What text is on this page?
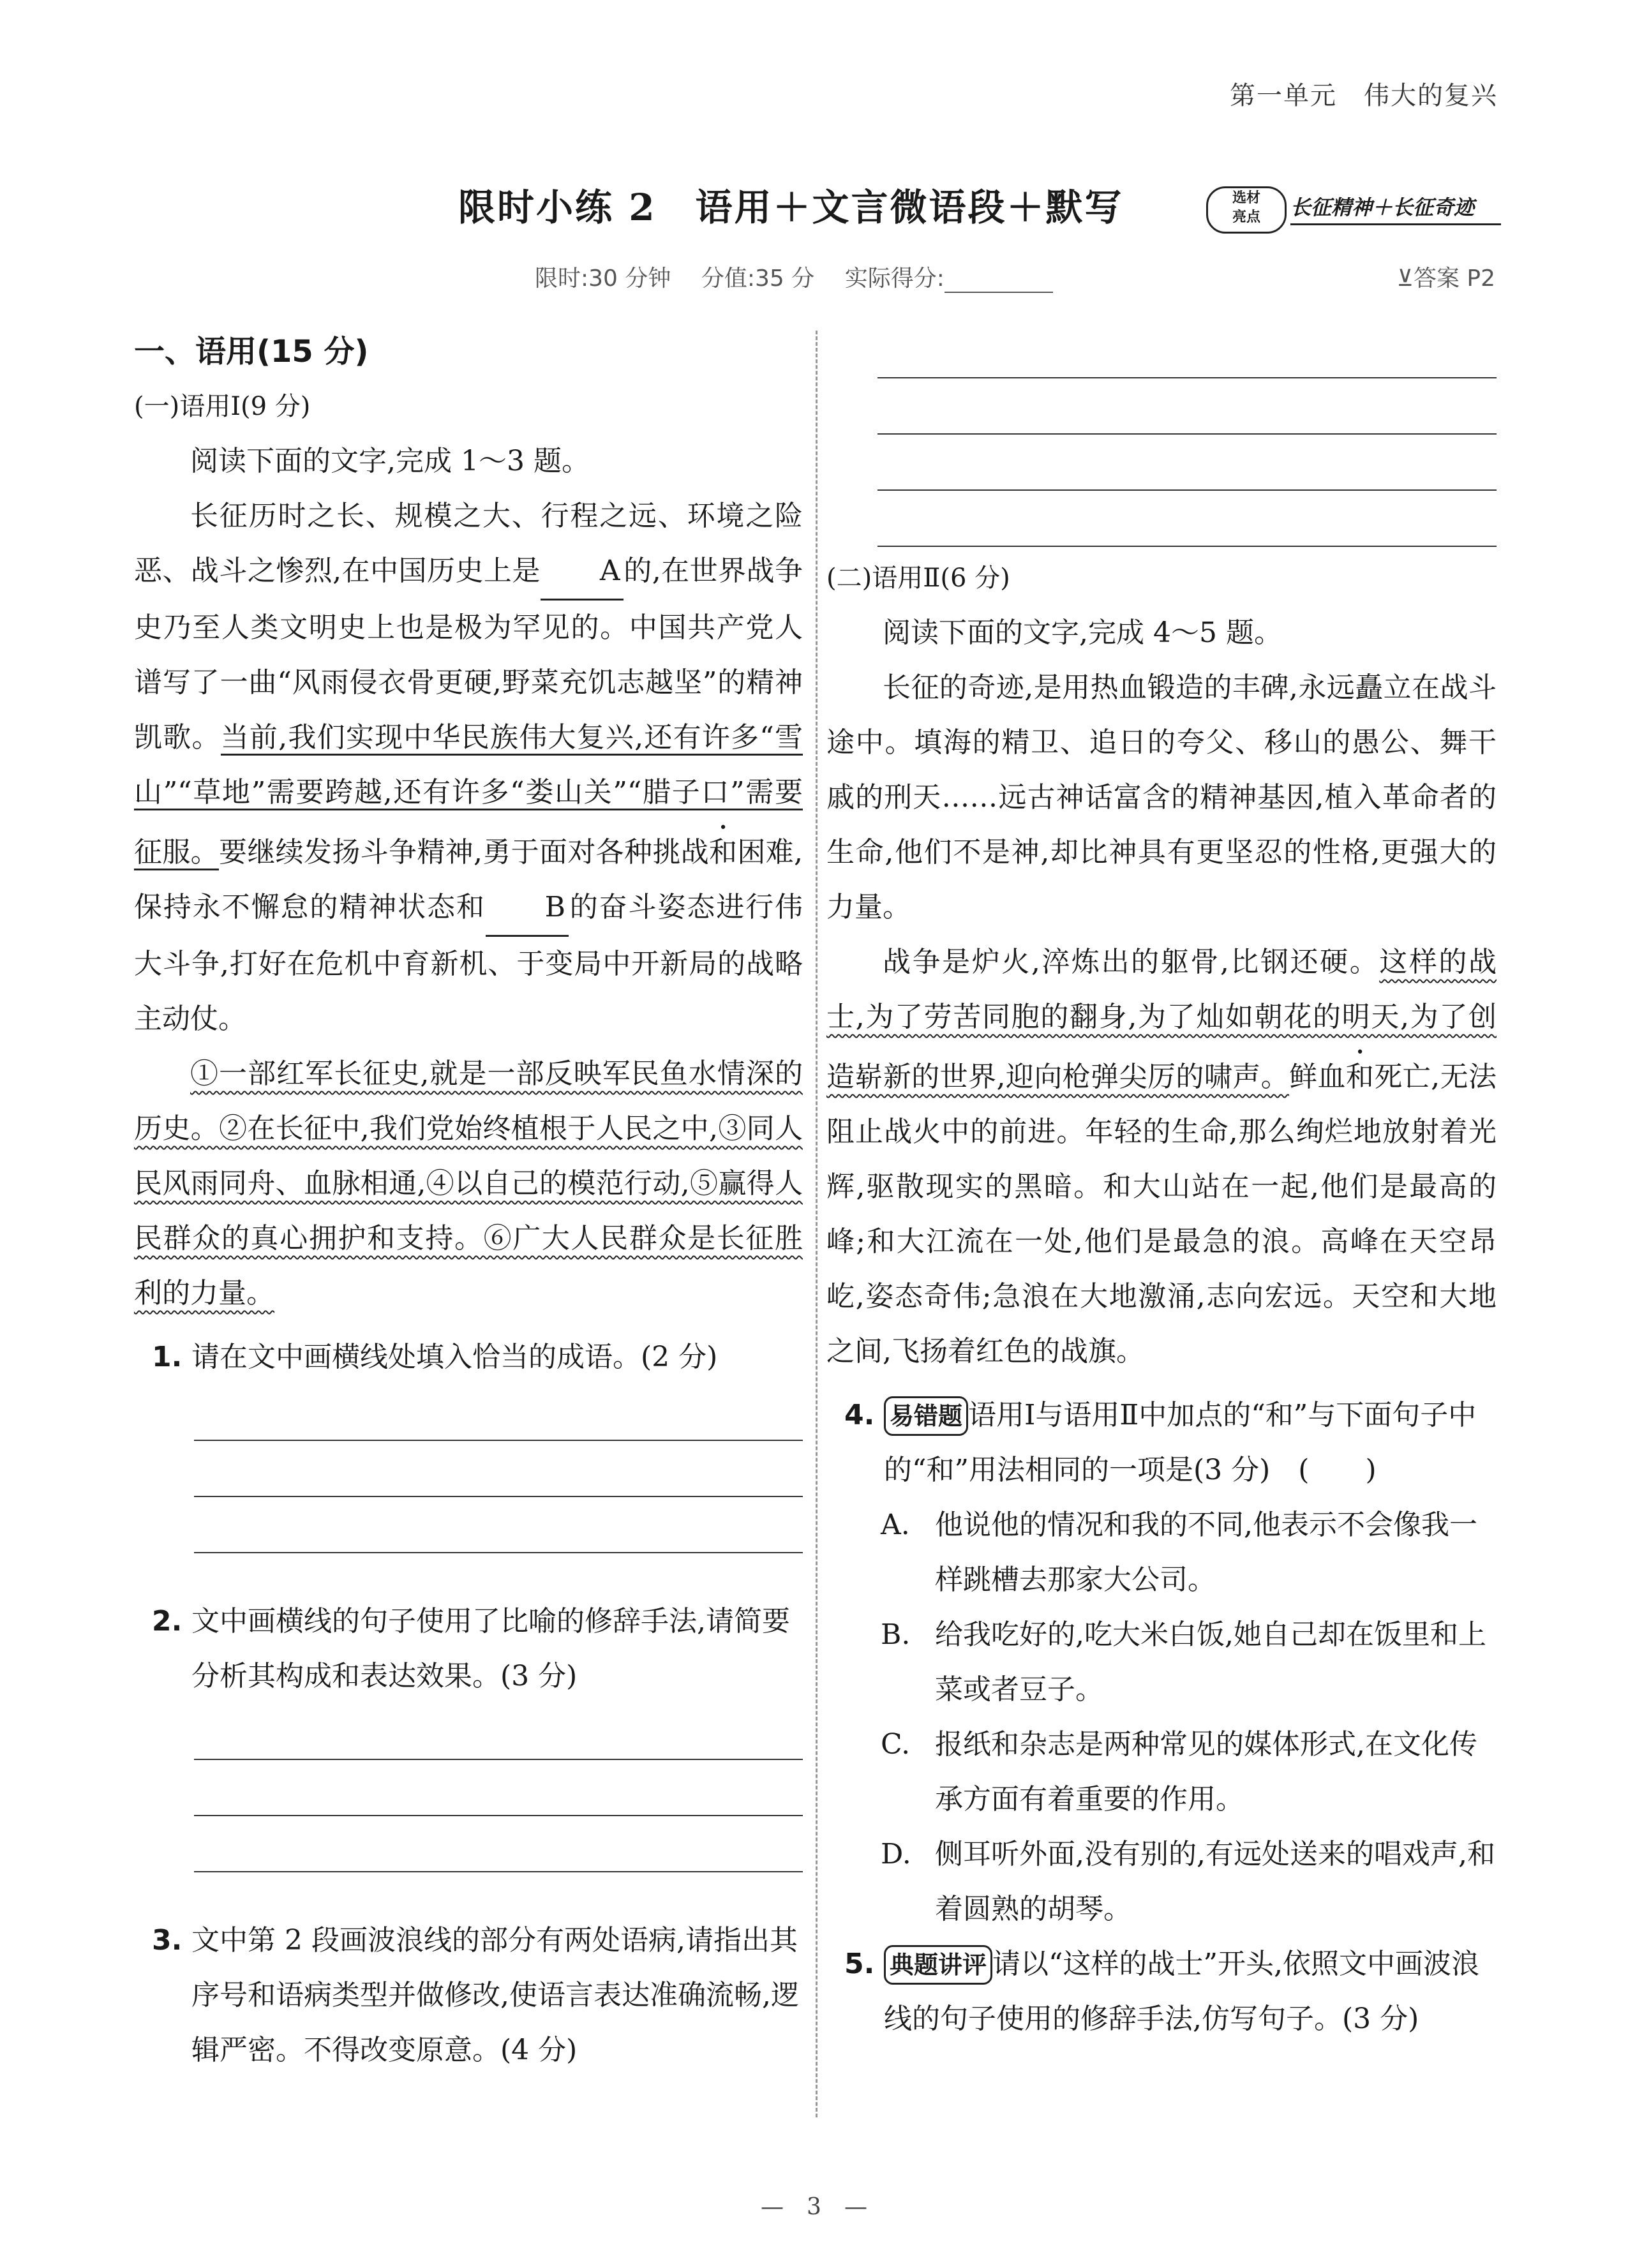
第一单元　伟大的复兴
限时小练 2　语用＋文言微语段＋默写	选材
亮点	长征精神＋长征奇迹
限时:30 分钟　 分值:35 分　 实际得分:	⊻答案 P2
一、语用(15 分)
(一)语用Ⅰ(9 分)
阅读下面的文字,完成 1～3 题。
长征历时之长、规模之大、行程之远、环境之险恶、战斗之惨烈,在中国历史上是 A 的,在世界战争史乃至人类文明史上也是极为罕见的。中国共产党人谱写了一曲“风雨侵衣骨更硬,野菜充饥志越坚”的精神凯歌。当前,我们实现中华民族伟大复兴,还有许多“雪山”“草地”需要跨越,还有许多“娄山关”“腊子口”需要征服。要继续发扬斗争精神,勇于面对各种挑战和困难,保持永不懈怠的精神状态和 B 的奋斗姿态进行伟大斗争,打好在危机中育新机、于变局中开新局的战略主动仗。
①一部红军长征史,就是一部反映军民鱼水情深的历史。②在长征中,我们党始终植根于人民之中,③同人民风雨同舟、血脉相通,④以自己的模范行动,⑤赢得人民群众的真心拥护和支持。⑥广大人民群众是长征胜利的力量。
1. 请在文中画横线处填入恰当的成语。(2 分)
2. 文中画横线的句子使用了比喻的修辞手法,请简要分析其构成和表达效果。(3 分)
3. 文中第 2 段画波浪线的部分有两处语病,请指出其序号和语病类型并做修改,使语言表达准确流畅,逻辑严密。不得改变原意。(4 分)
(二)语用Ⅱ(6 分)
阅读下面的文字,完成 4～5 题。
长征的奇迹,是用热血锻造的丰碑,永远矗立在战斗途中。填海的精卫、追日的夸父、移山的愚公、舞干戚的刑天……远古神话富含的精神基因,植入革命者的生命,他们不是神,却比神具有更坚忍的性格,更强大的力量。
战争是炉火,淬炼出的躯骨,比钢还硬。这样的战士,为了劳苦同胞的翻身,为了灿如朝花的明天,为了创造崭新的世界,迎向枪弹尖厉的啸声。鲜血和死亡,无法阻止战火中的前进。年轻的生命,那么绚烂地放射着光辉,驱散现实的黑暗。和大山站在一起,他们是最高的峰;和大江流在一处,他们是最急的浪。高峰在天空昂屹,姿态奇伟;急浪在大地激涌,志向宏远。天空和大地之间,飞扬着红色的战旗。
4. 易错题 语用Ⅰ与语用Ⅱ中加点的“和”与下面句子中的“和”用法相同的一项是(3 分)　(　　)
A. 他说他的情况和我的不同,他表示不会像我一样跳槽去那家大公司。
B. 给我吃好的,吃大米白饭,她自己却在饭里和上菜或者豆子。
C. 报纸和杂志是两种常见的媒体形式,在文化传承方面有着重要的作用。
D. 侧耳听外面,没有别的,有远处送来的唱戏声,和着圆熟的胡琴。
5. 典题讲评 请以“这样的战士”开头,依照文中画波浪线的句子使用的修辞手法,仿写句子。(3 分)
—　3　—
